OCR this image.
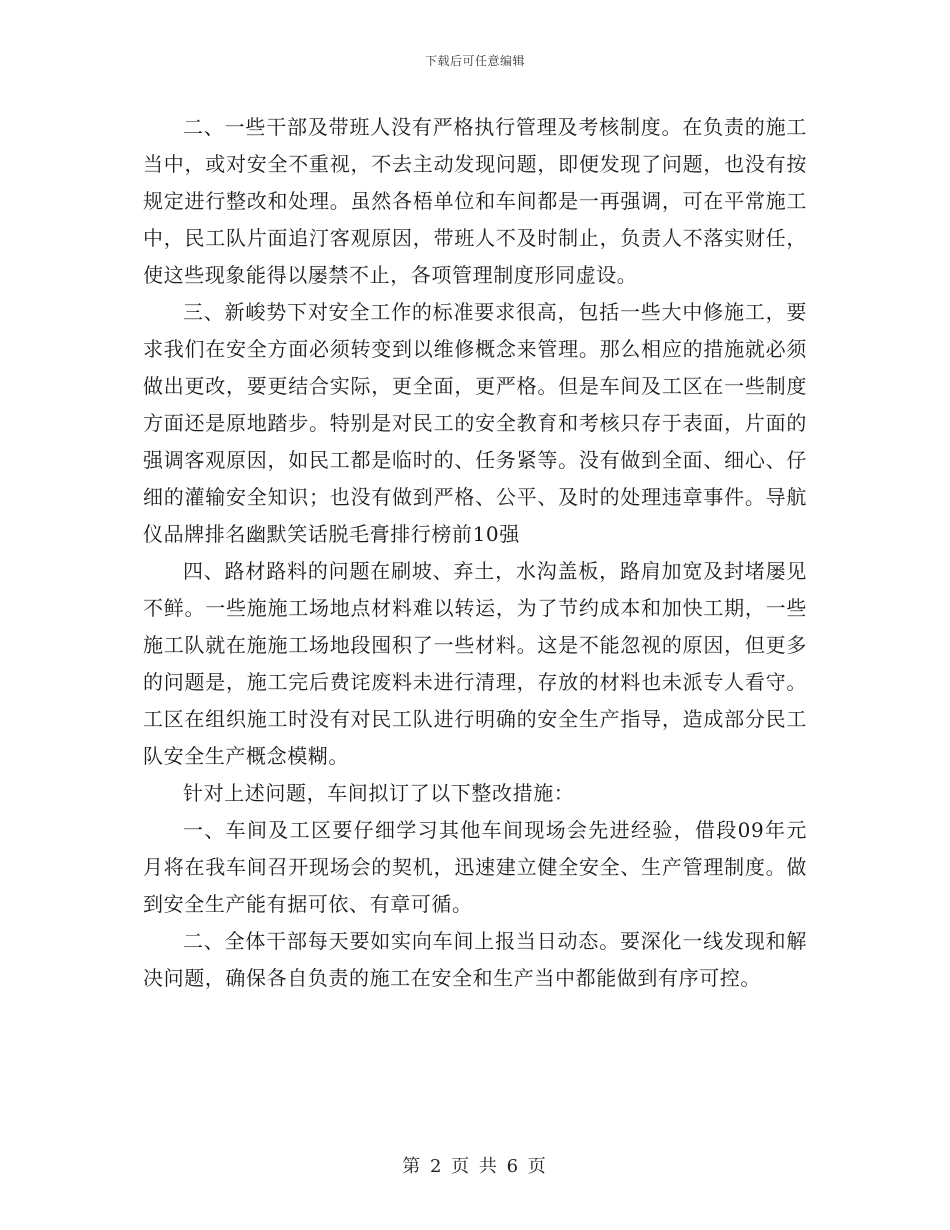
下载后可任意编辑

二、一些干部及带班人没有严格执行管理及考核制度。在负责的施工当中，或对安全不重视，不去主动发现问题，即便发现了问题，也没有按规定进行整改和处理。虽然各梧单位和车间都是一再强调，可在平常施工中，民工队片面追汀客观原因，带班人不及时制止，负责人不落实财任，使这些现象能得以屡禁不止，各项管理制度形同虚设。

三、新峻势下对安全工作的标准要求很高，包括一些大中修施工，要求我们在安全方面必须转变到以维修概念来管理。那么相应的措施就必须做出更改，要更结合实际，更全面，更严格。但是车间及工区在一些制度方面还是原地踏步。特别是对民工的安全教育和考核只存于表面，片面的强调客观原因，如民工都是临时的、任务紧等。没有做到全面、细心、仔细的灌输安全知识；也没有做到严格、公平、及时的处理违章事件。导航仪品牌排名幽默笑话脱毛膏排行榜前10强

四、路材路料的问题在刷坡、弃土，水沟盖板，路肩加宽及封堵屡见不鲜。一些施施工场地点材料难以转运，为了节约成本和加快工期，一些施工队就在施施工场地段囤积了一些材料。这是不能忽视的原因，但更多的问题是，施工完后费诧废料未进行清理，存放的材料也未派专人看守。工区在组织施工时没有对民工队进行明确的安全生产指导，造成部分民工队安全生产概念模糊。

针对上述问题，车间拟订了以下整改措施：

一、车间及工区要仔细学习其他车间现场会先进经验，借段09年元月将在我车间召开现场会的契机，迅速建立健全安全、生产管理制度。做到安全生产能有据可依、有章可循。

二、全体干部每天要如实向车间上报当日动态。要深化一线发现和解决问题，确保各自负责的施工在安全和生产当中都能做到有序可控。

第 2 页 共 6 页
